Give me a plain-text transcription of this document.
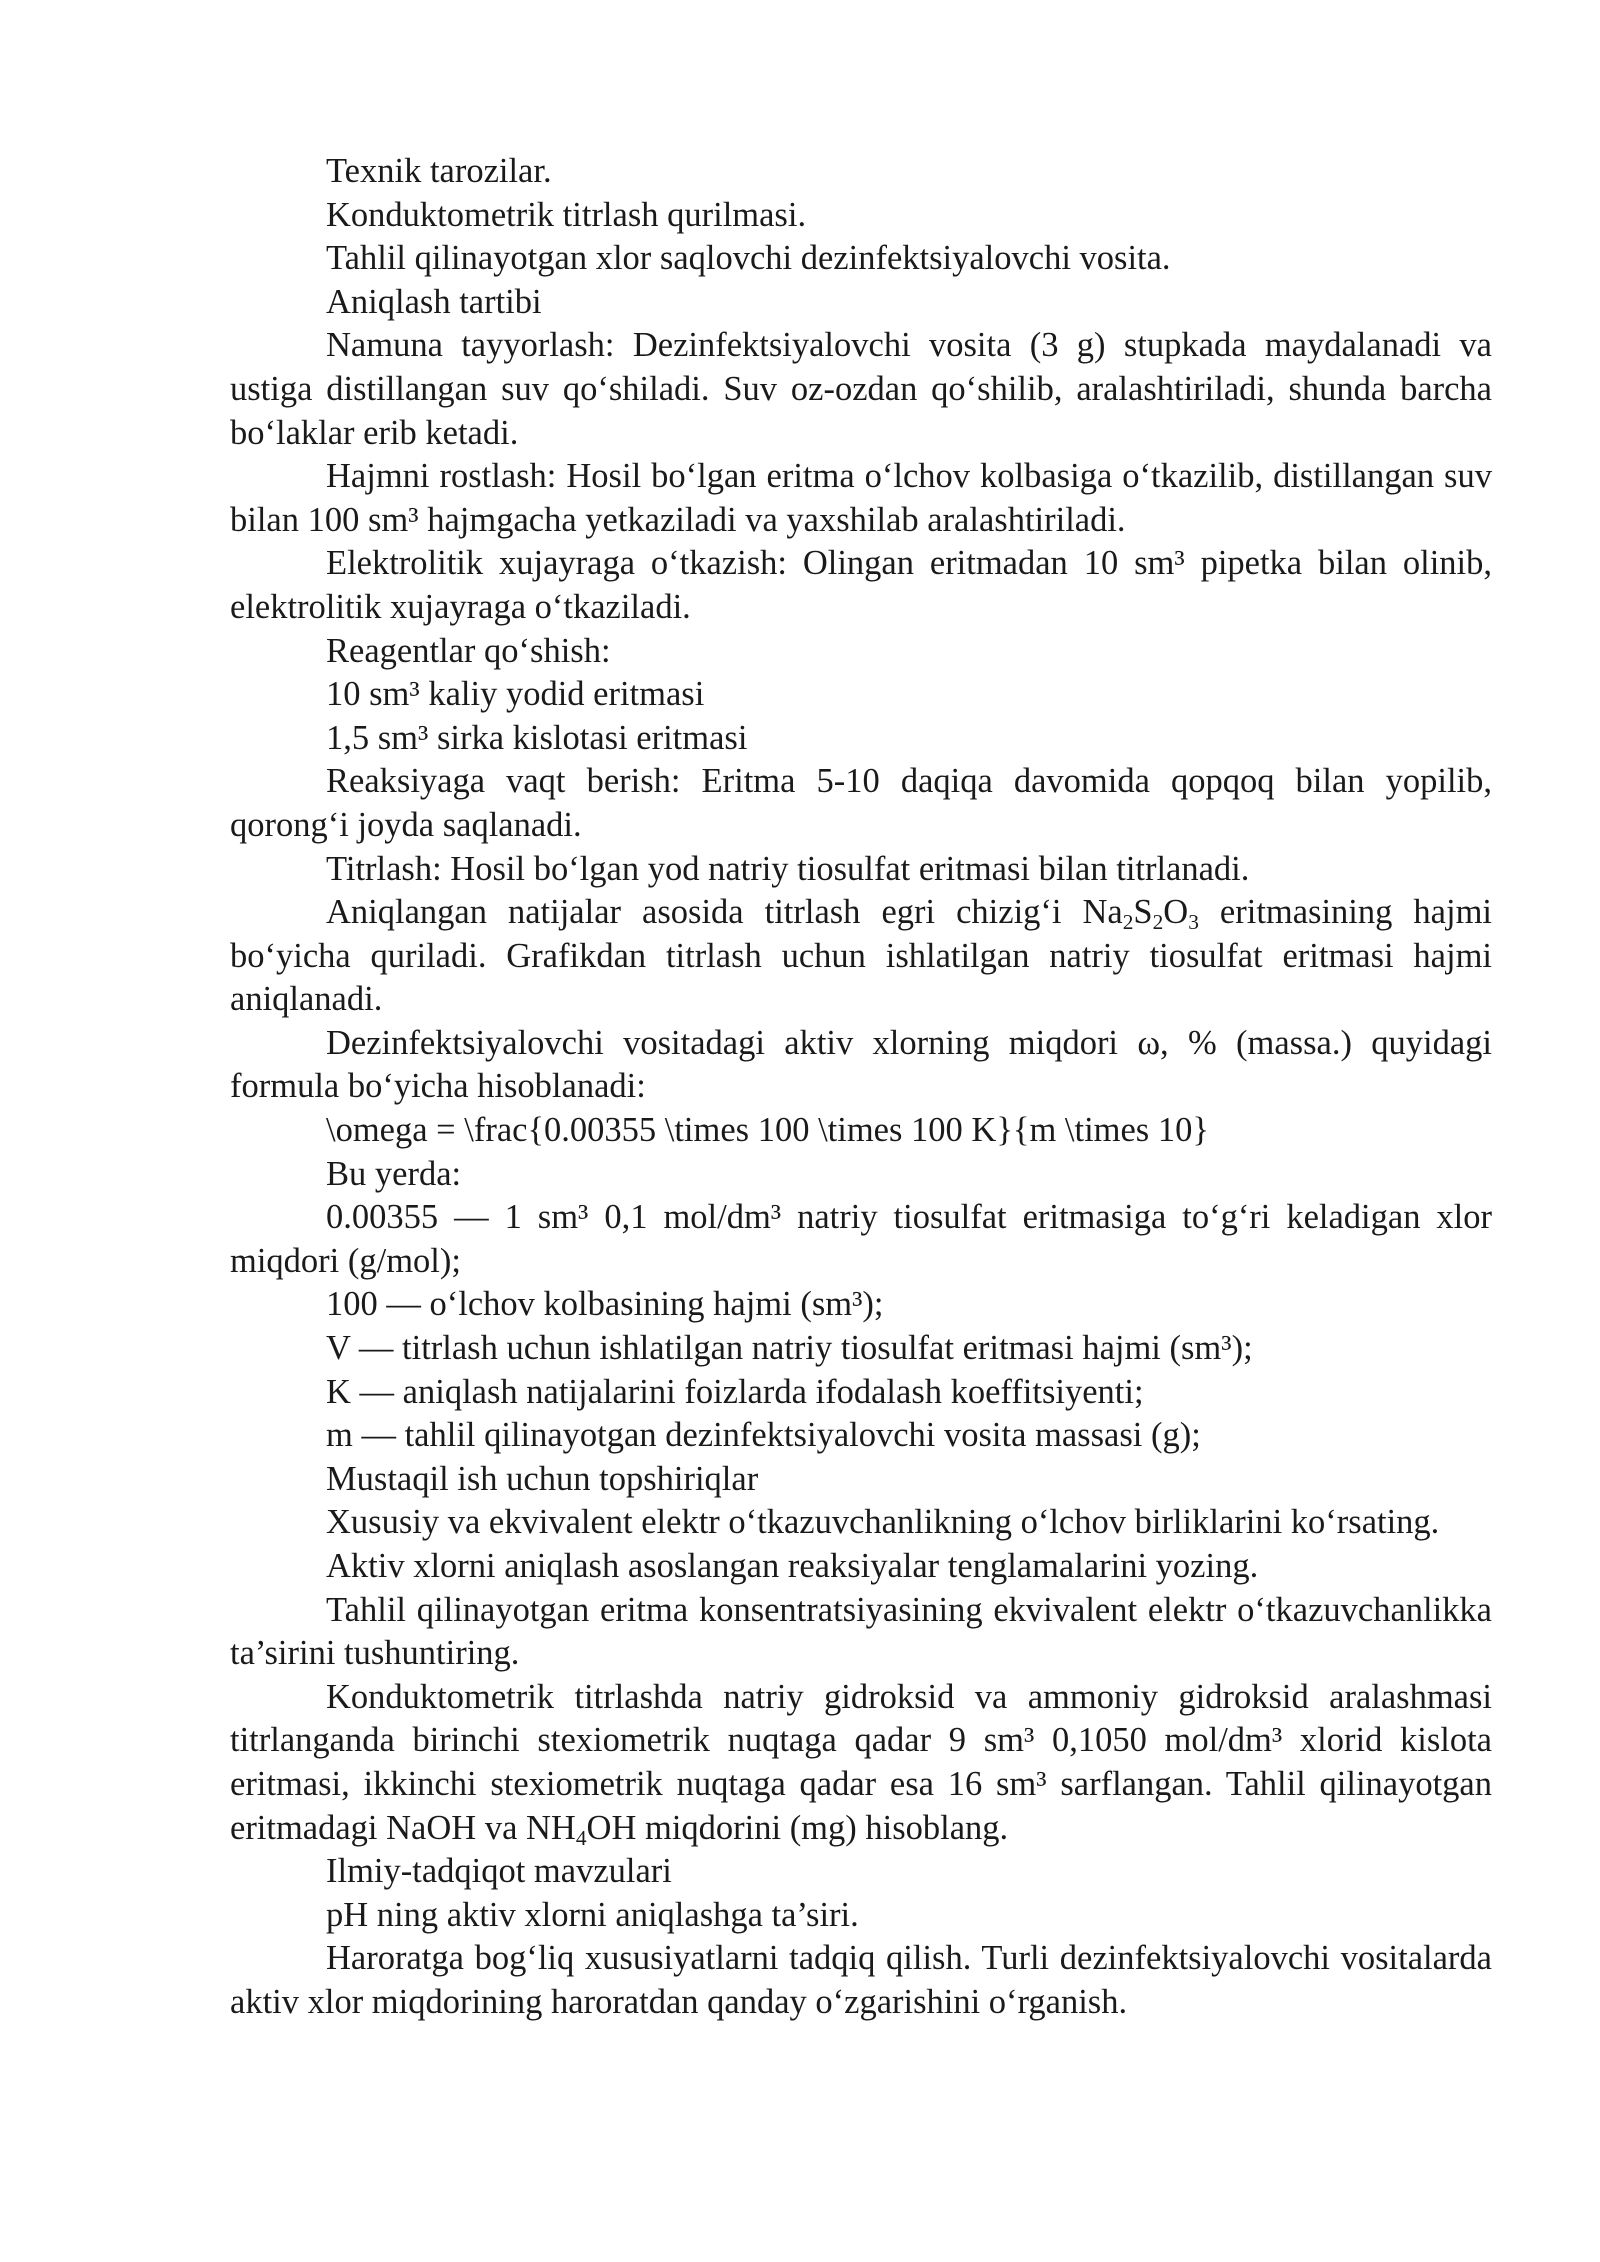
Texnik tarozilar.

Konduktometrik titrlash qurilmasi.

Tahlil qilinayotgan xlor saqlovchi dezinfektsiyalovchi vosita.

Aniqlash tartibi

Namuna tayyorlash: Dezinfektsiyalovchi vosita (3 g) stupkada maydalanadi va ustiga distillangan suv qo‘shiladi. Suv oz-ozdan qo‘shilib, aralashtiriladi, shunda barcha bo‘laklar erib ketadi.

Hajmni rostlash: Hosil bo‘lgan eritma o‘lchov kolbasiga o‘tkazilib, distillangan suv bilan 100 sm³ hajmgacha yetkaziladi va yaxshilab aralashtiriladi.

Elektrolitik xujayraga o‘tkazish: Olingan eritmadan 10 sm³ pipetka bilan olinib, elektrolitik xujayraga o‘tkaziladi.

Reagentlar qo‘shish:

10 sm³ kaliy yodid eritmasi

1,5 sm³ sirka kislotasi eritmasi

Reaksiyaga vaqt berish: Eritma 5-10 daqiqa davomida qopqoq bilan yopilib, qorong‘i joyda saqlanadi.

Titrlash: Hosil bo‘lgan yod natriy tiosulfat eritmasi bilan titrlanadi.

Aniqlangan natijalar asosida titrlash egri chizig‘i $Na_2S_2O_3$ eritmasining hajmi bo‘yicha quriladi. Grafikdan titrlash uchun ishlatilgan natriy tiosulfat eritmasi hajmi aniqlanadi.

Dezinfektsiyalovchi vositadagi aktiv xlorning miqdori ω, % (massa.) quyidagi formula bo‘yicha hisoblanadi:

\omega = \frac{0.00355 \times 100 \times 100 K}{m \times 10}

Bu yerda:

0.00355 — 1 sm³ 0,1 mol/dm³ natriy tiosulfat eritmasiga to‘g‘ri keladigan xlor miqdori (g/mol);

100 — o‘lchov kolbasining hajmi (sm³);

V — titrlash uchun ishlatilgan natriy tiosulfat eritmasi hajmi (sm³);

K — aniqlash natijalarini foizlarda ifodalash koeffitsiyenti;

m — tahlil qilinayotgan dezinfektsiyalovchi vosita massasi (g);

Mustaqil ish uchun topshiriqlar

Xususiy va ekvivalent elektr o‘tkazuvchanlikning o‘lchov birliklarini ko‘rsating.

Aktiv xlorni aniqlash asoslangan reaksiyalar tenglamalarini yozing.

Tahlil qilinayotgan eritma konsentratsiyasining ekvivalent elektr o‘tkazuvchanlikka ta’sirini tushuntiring.

Konduktometrik titrlashda natriy gidroksid va ammoniy gidroksid aralashmasi titrlanganda birinchi stexiometrik nuqtaga qadar 9 sm³ 0,1050 mol/dm³ xlorid kislota eritmasi, ikkinchi stexiometrik nuqtaga qadar esa 16 sm³ sarflangan. Tahlil qilinayotgan eritmadagi NaOH va $NH_4OH$ miqdorini (mg) hisoblang.

Ilmiy-tadqiqot mavzulari

pH ning aktiv xlorni aniqlashga ta’siri.

Haroratga bog‘liq xususiyatlarni tadqiq qilish. Turli dezinfektsiyalovchi vositalarda aktiv xlor miqdorining haroratdan qanday o‘zgarishini o‘rganish.
